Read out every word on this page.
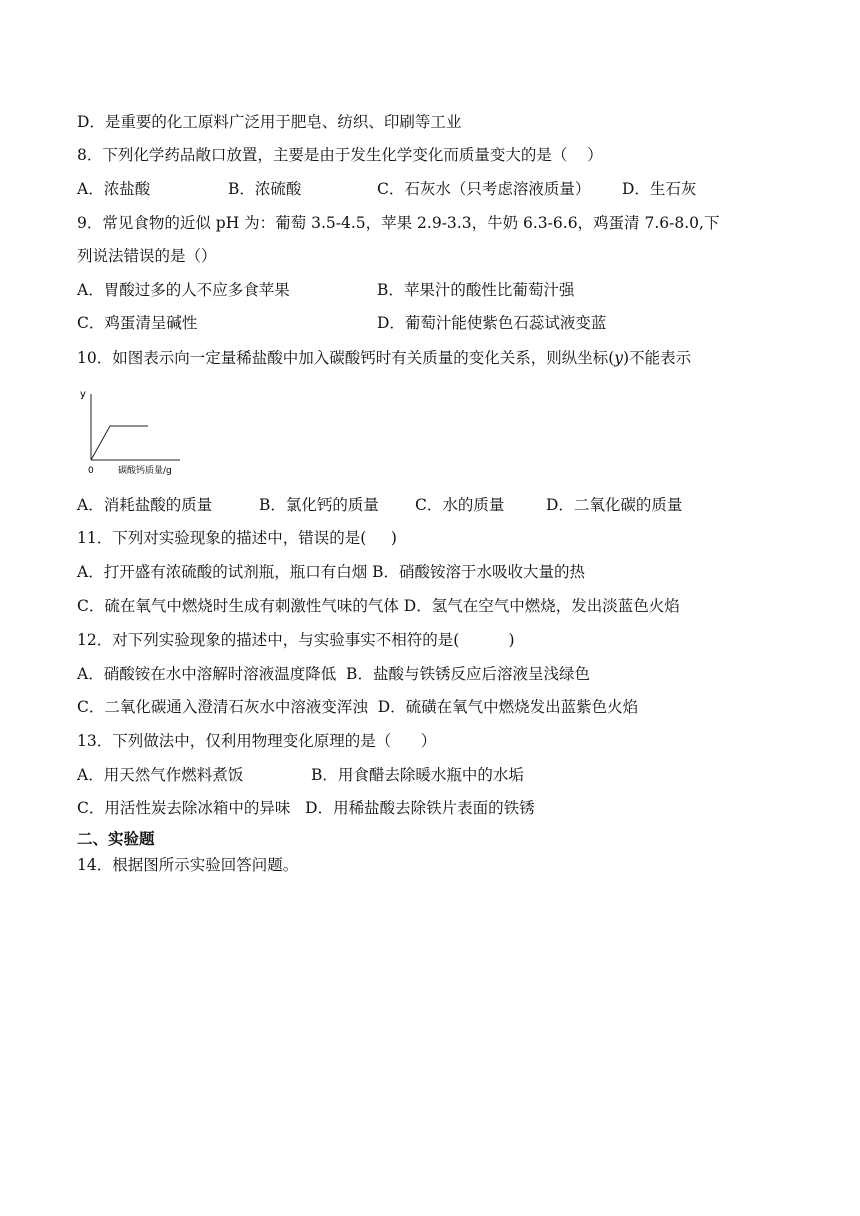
D．是重要的化工原料广泛用于肥皂、纺织、印刷等工业
8．下列化学药品敞口放置，主要是由于发生化学变化而质量变大的是（    ）
A．浓盐酸	B．浓硫酸	C．石灰水（只考虑溶液质量） D．生石灰
9．常见食物的近似 pH 为：葡萄 3.5-4.5，苹果 2.9-3.3，牛奶 6.3-6.6，鸡蛋清 7.6-8.0,下
列说法错误的是（）
A．胃酸过多的人不应多食苹果	B．苹果汁的酸性比葡萄汁强
C．鸡蛋清呈碱性	D．葡萄汁能使紫色石蕊试液变蓝
10．如图表示向一定量稀盐酸中加入碳酸钙时有关质量的变化关系，则纵坐标(𝑦)不能表示
y
0	碳酸钙质量/g
A．消耗盐酸的质量	B．氯化钙的质量 C．水的质量	D．二氧化碳的质量
11．下列对实验现象的描述中，错误的是(     )
A．打开盛有浓硫酸的试剂瓶，瓶口有白烟 B．硝酸铵溶于水吸收大量的热
C．硫在氧气中燃烧时生成有刺激性气味的气体 D．氢气在空气中燃烧，发出淡蓝色火焰
12．对下列实验现象的描述中，与实验事实不相符的是(          )
A．硝酸铵在水中溶解时溶液温度降低  B．盐酸与铁锈反应后溶液呈浅绿色
C．二氧化碳通入澄清石灰水中溶液变浑浊  D．硫磺在氧气中燃烧发出蓝紫色火焰
13．下列做法中，仅利用物理变化原理的是（      ）
A．用天然气作燃料煮饭	B．用食醋去除暖水瓶中的水垢
C．用活性炭去除冰箱中的异味   D．用稀盐酸去除铁片表面的铁锈
二、实验题
14．根据图所示实验回答问题。
